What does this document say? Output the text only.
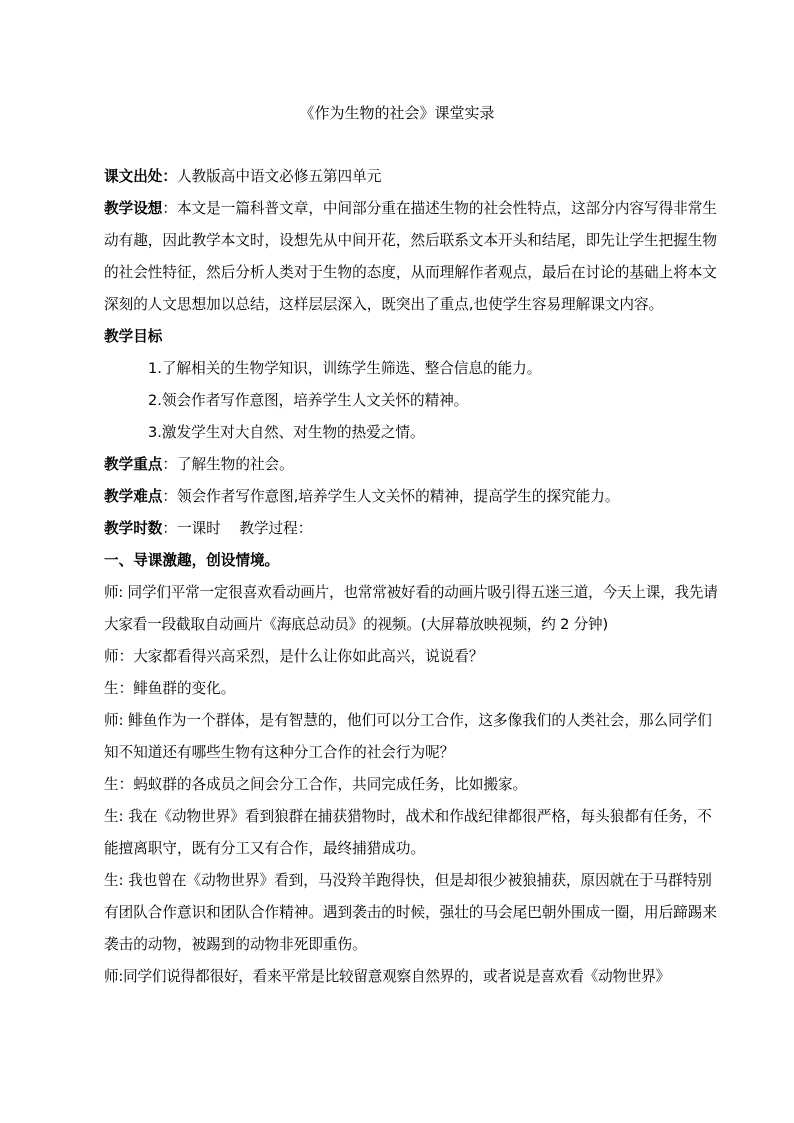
《作为生物的社会》课堂实录

课文出处：人教版高中语文必修五第四单元

教学设想：本文是一篇科普文章，中间部分重在描述生物的社会性特点，这部分内容写得非常生动有趣，因此教学本文时，设想先从中间开花，然后联系文本开头和结尾，即先让学生把握生物的社会性特征，然后分析人类对于生物的态度，从而理解作者观点，最后在讨论的基础上将本文深刻的人文思想加以总结，这样层层深入，既突出了重点,也使学生容易理解课文内容。

教学目标

1.了解相关的生物学知识，训练学生筛选、整合信息的能力。

2.领会作者写作意图，培养学生人文关怀的精神。

3.激发学生对大自然、对生物的热爱之情。

教学重点：了解生物的社会。

教学难点：领会作者写作意图,培养学生人文关怀的精神，提高学生的探究能力。

教学时数：一课时    教学过程：

一、导课激趣，创设情境。

师: 同学们平常一定很喜欢看动画片，也常常被好看的动画片吸引得五迷三道，今天上课，我先请大家看一段截取自动画片《海底总动员》的视频。(大屏幕放映视频，约 2 分钟)

师：大家都看得兴高采烈，是什么让你如此高兴，说说看？

生：鲱鱼群的变化。

师: 鲱鱼作为一个群体，是有智慧的，他们可以分工合作，这多像我们的人类社会，那么同学们知不知道还有哪些生物有这种分工合作的社会行为呢？

生：蚂蚁群的各成员之间会分工合作，共同完成任务，比如搬家。

生: 我在《动物世界》看到狼群在捕获猎物时，战术和作战纪律都很严格，每头狼都有任务，不能擅离职守，既有分工又有合作，最终捕猎成功。

生: 我也曾在《动物世界》看到，马没羚羊跑得快，但是却很少被狼捕获，原因就在于马群特别有团队合作意识和团队合作精神。遇到袭击的时候，强壮的马会尾巴朝外围成一圈，用后蹄踢来袭击的动物，被踢到的动物非死即重伤。

师:同学们说得都很好，看来平常是比较留意观察自然界的，或者说是喜欢看《动物世界》
